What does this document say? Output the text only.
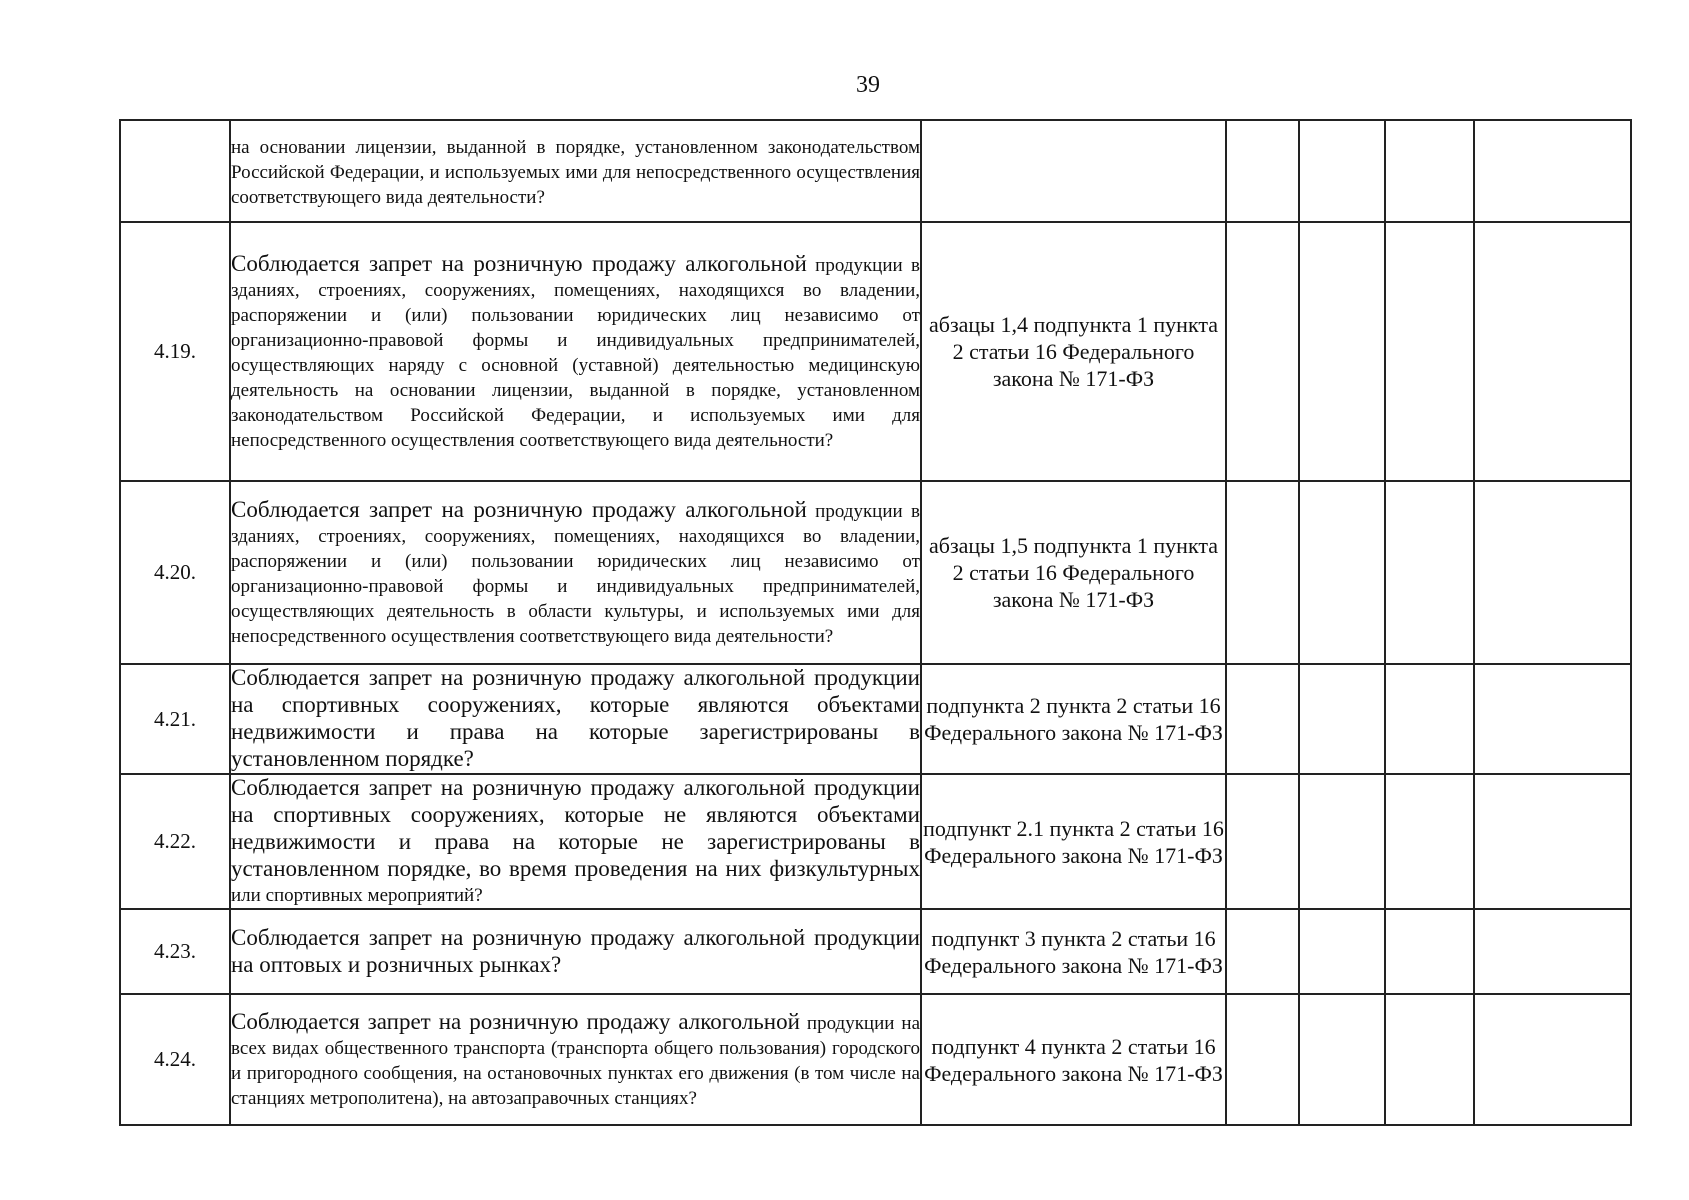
39
	на основании лицензии, выданной в порядке, установленном законодательством Российской Федерации, и используемых ими для непосредственного осуществления соответствующего вида деятельности?					
4.19.	Соблюдается запрет на розничную продажу алкогольной продукции в зданиях, строениях, сооружениях, помещениях, находящихся во владении, распоряжении и (или) пользовании юридических лиц независимо от организационно-правовой формы и индивидуальных предпринимателей, осуществляющих наряду с основной (уставной) деятельностью медицинскую деятельность на основании лицензии, выданной в порядке, установленном законодательством Российской Федерации, и используемых ими для непосредственного осуществления соответствующего вида деятельности?	абзацы 1,4 подпункта 1 пункта 2 статьи 16 Федерального закона № 171-ФЗ				
4.20.	Соблюдается запрет на розничную продажу алкогольной продукции в зданиях, строениях, сооружениях, помещениях, находящихся во владении, распоряжении и (или) пользовании юридических лиц независимо от организационно-правовой формы и индивидуальных предпринимателей, осуществляющих деятельность в области культуры, и используемых ими для непосредственного осуществления соответствующего вида деятельности?	абзацы 1,5 подпункта 1 пункта 2 статьи 16 Федерального закона № 171-ФЗ				
4.21.	Соблюдается запрет на розничную продажу алкогольной продукции на спортивных сооружениях, которые являются объектами недвижимости и права на которые зарегистрированы в установленном порядке?	подпункта 2 пункта 2 статьи 16 Федерального закона № 171-ФЗ				
4.22.	Соблюдается запрет на розничную продажу алкогольной продукции на спортивных сооружениях, которые не являются объектами недвижимости и права на которые не зарегистрированы в установленном порядке, во время проведения на них физкультурных или спортивных мероприятий?	подпункт 2.1 пункта 2 статьи 16 Федерального закона № 171-ФЗ				
4.23.	Соблюдается запрет на розничную продажу алкогольной продукции на оптовых и розничных рынках?	подпункт 3 пункта 2 статьи 16 Федерального закона № 171-ФЗ				
4.24.	Соблюдается запрет на розничную продажу алкогольной продукции на всех видах общественного транспорта (транспорта общего пользования) городского и пригородного сообщения, на остановочных пунктах его движения (в том числе на станциях метрополитена), на автозаправочных станциях?	подпункт 4 пункта 2 статьи 16 Федерального закона № 171-ФЗ				
